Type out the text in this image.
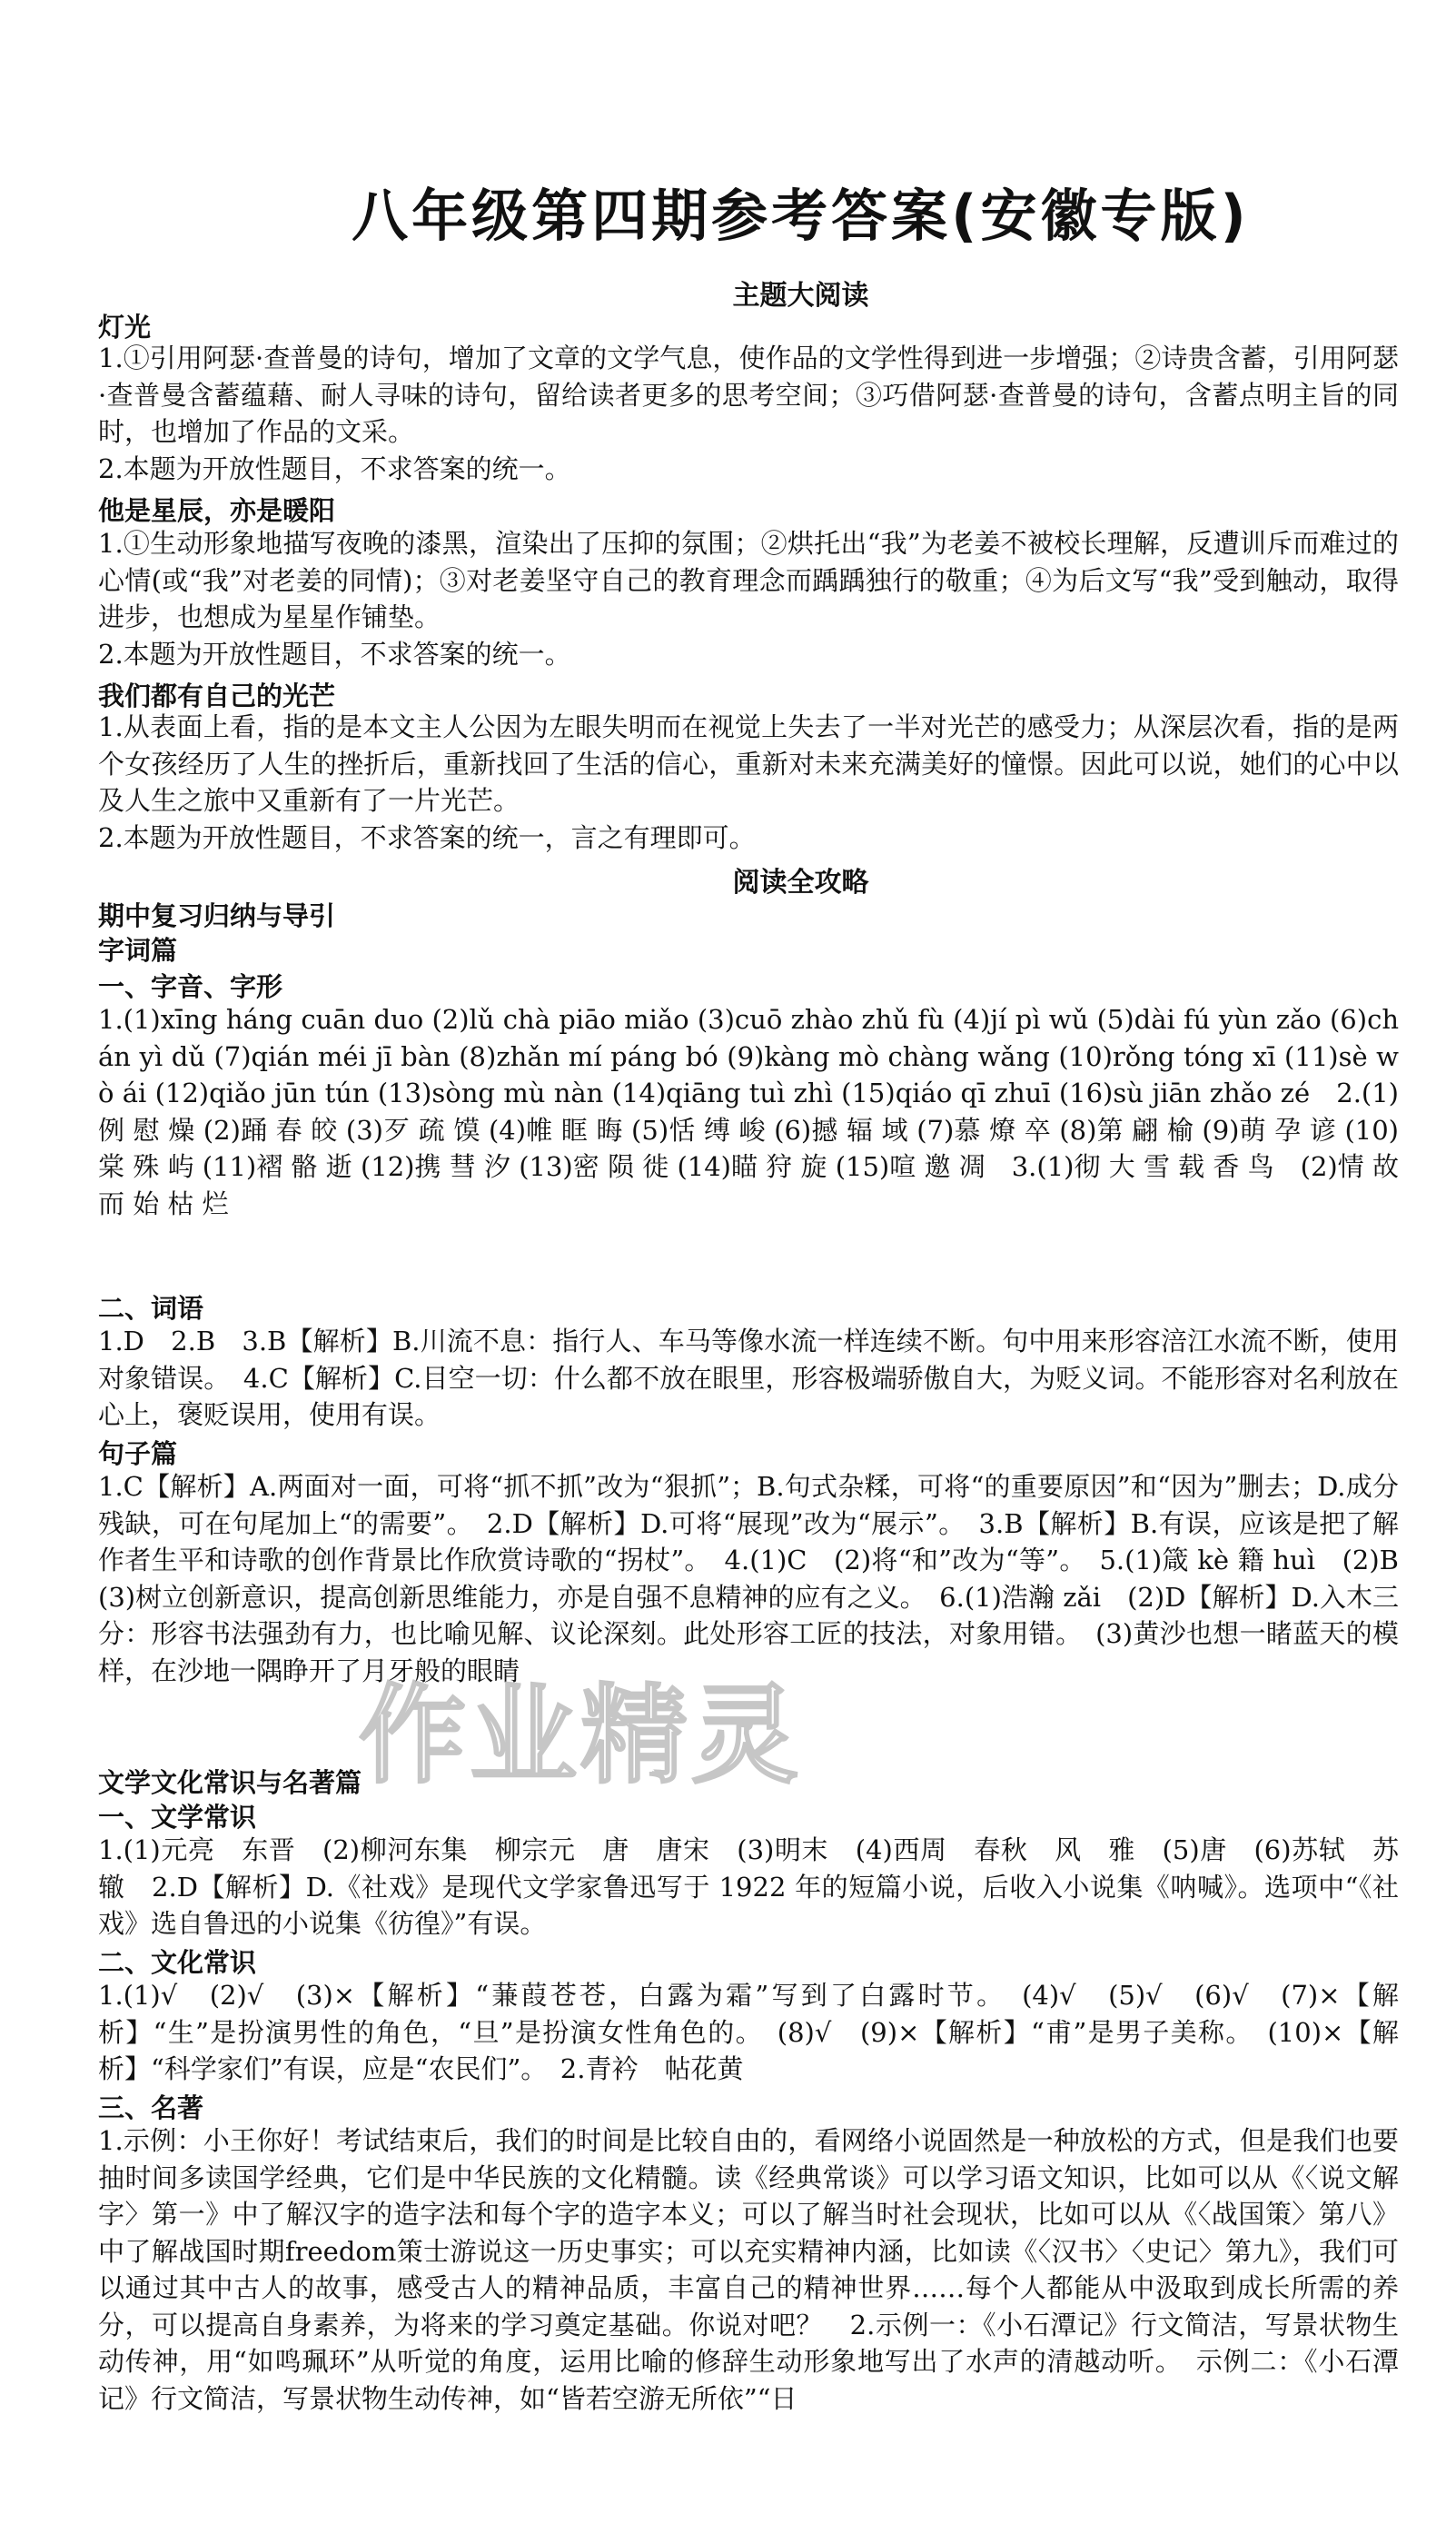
八年级第四期参考答案(安徽专版)
主题大阅读
灯光
1.①引用阿瑟·查普曼的诗句，增加了文章的文学气息，使作品的文学性得到进一步增强；②诗贵含蓄，引用阿瑟·查普曼含蓄蕴藉、耐人寻味的诗句，留给读者更多的思考空间；③巧借阿瑟·查普曼的诗句，含蓄点明主旨的同时，也增加了作品的文采。
2.本题为开放性题目，不求答案的统一。
他是星辰，亦是暖阳
1.①生动形象地描写夜晚的漆黑，渲染出了压抑的氛围；②烘托出“我”为老姜不被校长理解，反遭训斥而难过的心情(或“我”对老姜的同情)；③对老姜坚守自己的教育理念而踽踽独行的敬重；④为后文写“我”受到触动，取得进步，也想成为星星作铺垫。
2.本题为开放性题目，不求答案的统一。
我们都有自己的光芒
1.从表面上看，指的是本文主人公因为左眼失明而在视觉上失去了一半对光芒的感受力；从深层次看，指的是两个女孩经历了人生的挫折后，重新找回了生活的信心，重新对未来充满美好的憧憬。因此可以说，她们的心中以及人生之旅中又重新有了一片光芒。
2.本题为开放性题目，不求答案的统一，言之有理即可。
阅读全攻略
期中复习归纳与导引
字词篇
一、字音、字形
1.(1)xīng háng cuān duo (2)lǔ chà piāo miǎo (3)cuō zhào zhǔ fù (4)jí pì wǔ (5)dài fú yùn zǎo (6)chán yì dǔ (7)qián méi jī bàn (8)zhǎn mí páng bó (9)kàng mò chàng wǎng (10)rǒng tóng xī (11)sè wò ái (12)qiǎo jūn tún (13)sòng mù nàn (14)qiāng tuì zhì (15)qiáo qī zhuī (16)sù jiān zhǎo zé　2.(1)例 慰 燥 (2)踊 春 皎 (3)歹 疏 馍 (4)帷 眶 晦 (5)恬 缚 峻 (6)撼 辐 域 (7)慕 燎 卒 (8)第 翩 榆 (9)萌 孕 谚 (10)棠 殊 屿 (11)褶 骼 逝 (12)携 彗 汐 (13)密 陨 徙 (14)瞄 狩 旋 (15)喧 邀 凋　3.(1)彻 大 雪 载 香 鸟　(2)情 故 而 始 枯 烂
二、词语
1.D　2.B　3.B【解析】B.川流不息：指行人、车马等像水流一样连续不断。句中用来形容涪江水流不断，使用对象错误。　4.C【解析】C.目空一切：什么都不放在眼里，形容极端骄傲自大，为贬义词。不能形容对名利放在心上，褒贬误用，使用有误。
句子篇
1.C【解析】A.两面对一面，可将“抓不抓”改为“狠抓”；B.句式杂糅，可将“的重要原因”和“因为”删去；D.成分残缺，可在句尾加上“的需要”。　2.D【解析】D.可将“展现”改为“展示”。　3.B【解析】B.有误，应该是把了解作者生平和诗歌的创作背景比作欣赏诗歌的“拐杖”。　4.(1)C　(2)将“和”改为“等”。　5.(1)箴 kè 籍 huì　(2)B　(3)树立创新意识，提高创新思维能力，亦是自强不息精神的应有之义。　6.(1)浩瀚 zǎi　(2)D【解析】D.入木三分：形容书法强劲有力，也比喻见解、议论深刻。此处形容工匠的技法，对象用错。　(3)黄沙也想一睹蓝天的模样，在沙地一隅睁开了月牙般的眼睛
文学文化常识与名著篇
一、文学常识
1.(1)元亮　东晋　(2)柳河东集　柳宗元　唐　唐宋　(3)明末　(4)西周　春秋　风　雅　(5)唐　(6)苏轼　苏辙　2.D【解析】D.《社戏》是现代文学家鲁迅写于 1922 年的短篇小说，后收入小说集《呐喊》。选项中“《社戏》选自鲁迅的小说集《彷徨》”有误。
二、文化常识
1.(1)√　(2)√　(3)×【解析】“蒹葭苍苍，白露为霜”写到了白露时节。　(4)√　(5)√　(6)√　(7)×【解析】“生”是扮演男性的角色，“旦”是扮演女性角色的。　(8)√　(9)×【解析】“甫”是男子美称。　(10)×【解析】“科学家们”有误，应是“农民们”。　2.青衿　帖花黄
三、名著
1.示例：小王你好！考试结束后，我们的时间是比较自由的，看网络小说固然是一种放松的方式，但是我们也要抽时间多读国学经典，它们是中华民族的文化精髓。读《经典常谈》可以学习语文知识，比如可以从《〈说文解字〉第一》中了解汉字的造字法和每个字的造字本义；可以了解当时社会现状，比如可以从《〈战国策〉第八》中了解战国时期freedom策士游说这一历史事实；可以充实精神内涵，比如读《〈汉书〉〈史记〉第九》，我们可以通过其中古人的故事，感受古人的精神品质，丰富自己的精神世界……每个人都能从中汲取到成长所需的养分，可以提高自身素养，为将来的学习奠定基础。你说对吧？　2.示例一：《小石潭记》行文简洁，写景状物生动传神，用“如鸣珮环”从听觉的角度，运用比喻的修辞生动形象地写出了水声的清越动听。　示例二：《小石潭记》行文简洁，写景状物生动传神，如“皆若空游无所依”“日
作业精灵
